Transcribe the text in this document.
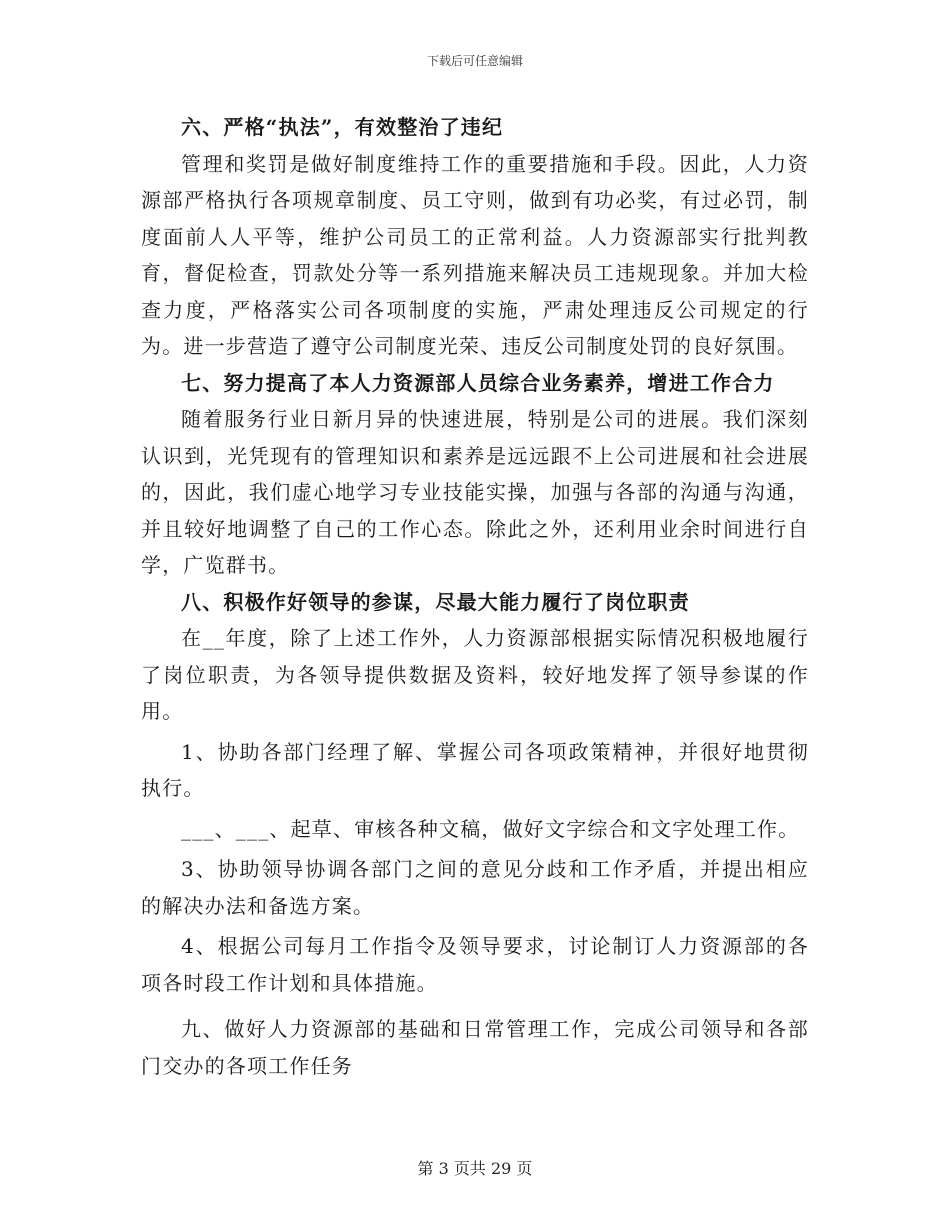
下载后可任意编辑

六、严格“执法”，有效整治了违纪

管理和奖罚是做好制度维持工作的重要措施和手段。因此，人力资源部严格执行各项规章制度、员工守则，做到有功必奖，有过必罚，制度面前人人平等，维护公司员工的正常利益。人力资源部实行批判教育，督促检查，罚款处分等一系列措施来解决员工违规现象。并加大检查力度，严格落实公司各项制度的实施，严肃处理违反公司规定的行为。进一步营造了遵守公司制度光荣、违反公司制度处罚的良好氛围。

七、努力提高了本人力资源部人员综合业务素养，增进工作合力

随着服务行业日新月异的快速进展，特别是公司的进展。我们深刻认识到，光凭现有的管理知识和素养是远远跟不上公司进展和社会进展的，因此，我们虚心地学习专业技能实操，加强与各部的沟通与沟通，并且较好地调整了自己的工作心态。除此之外，还利用业余时间进行自学，广览群书。

八、积极作好领导的参谋，尽最大能力履行了岗位职责

在__年度，除了上述工作外，人力资源部根据实际情况积极地履行了岗位职责，为各领导提供数据及资料，较好地发挥了领导参谋的作用。

1、协助各部门经理了解、掌握公司各项政策精神，并很好地贯彻执行。

___、___、起草、审核各种文稿，做好文字综合和文字处理工作。

3、协助领导协调各部门之间的意见分歧和工作矛盾，并提出相应的解决办法和备选方案。

4、根据公司每月工作指令及领导要求，讨论制订人力资源部的各项各时段工作计划和具体措施。

九、做好人力资源部的基础和日常管理工作，完成公司领导和各部门交办的各项工作任务

第 3 页共 29 页
